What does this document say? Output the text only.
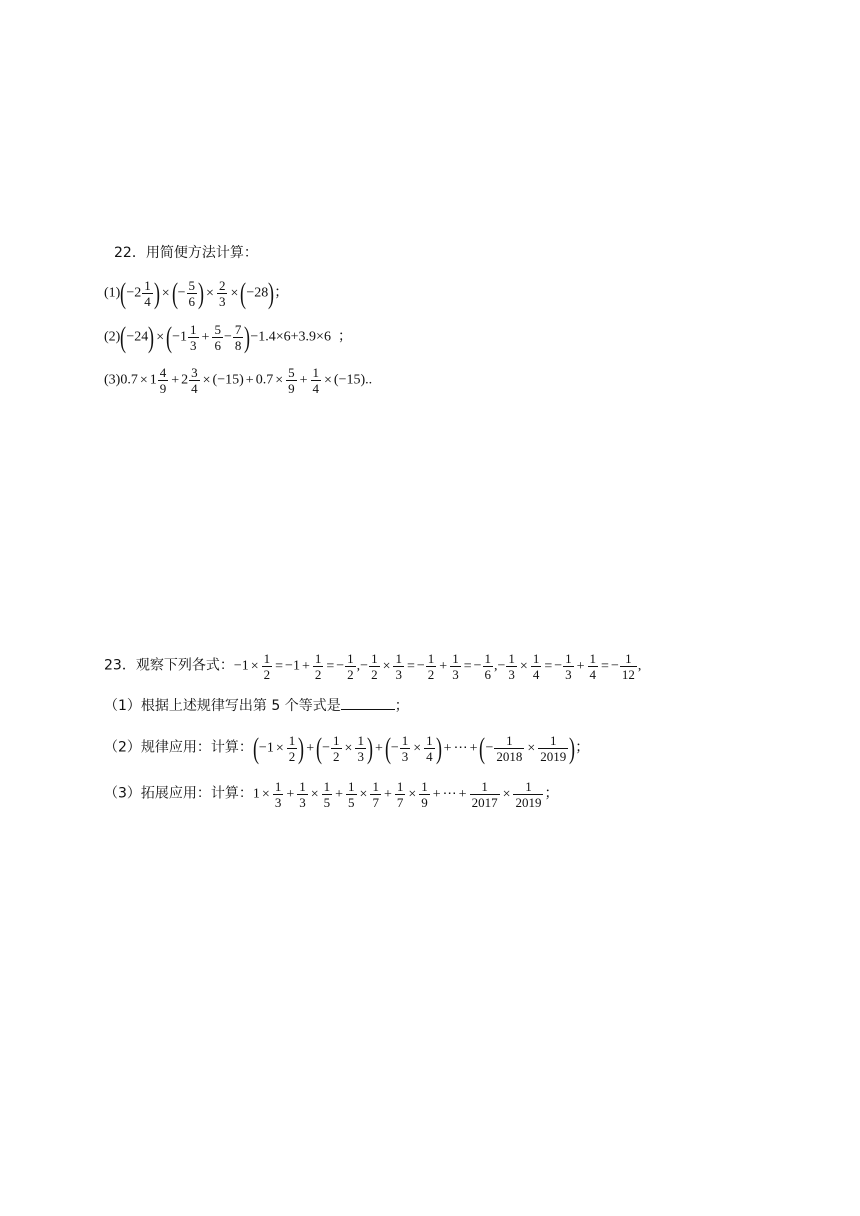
22．用简便方法计算：
$(1)(-2 \frac{1}{4}$ ) ×(− $\frac{5}{6}$ ) × $\frac{2}{3} \times(-28)$；
$(2)(-24) \times(-1 \frac{1}{3} + \frac{5}{6} - \frac{7}{8} )-1.4\times 6+3.9\times 6$ ；
$(3)0.7 \times 1 \frac{4}{9} + 2 \frac{3}{4} \times (-15) + 0.7 \times \frac{5}{9} + \frac{1}{4} \times (-15)$..
23．观察下列各式：$-1 \times \frac{1}{2} = -1 + \frac{1}{2}$ = − $\frac{1}{2}$ ,− $\frac{1}{2} \times \frac{1}{3}$ = − $\frac{1}{2} + \frac{1}{3}$ = − $\frac{1}{6}$ ,− $\frac{1}{3} \times \frac{1}{4}$ = − $\frac{1}{3} + \frac{1}{4}$ = − $\frac{1}{12}$ ,
（1）根据上述规律写出第 5 个等式是	；
（2）规律应用：计算：($-1 \times \frac{1}{2}$ ) +(− $\frac{1}{2} \times \frac{1}{3}$ ) +(− $\frac{1}{3} \times \frac{1}{4}$ ) + ⋯ +(− $\frac{1}{2018} \times \frac{1}{2019}$ )；
（3）拓展应用：计算：$1 \times \frac{1}{3} + \frac{1}{3} \times \frac{1}{5} + \frac{1}{5} \times \frac{1}{7} + \frac{1}{7} \times \frac{1}{9}$ + ⋯ + $\frac{1}{2017} \times \frac{1}{2019}$ ；
